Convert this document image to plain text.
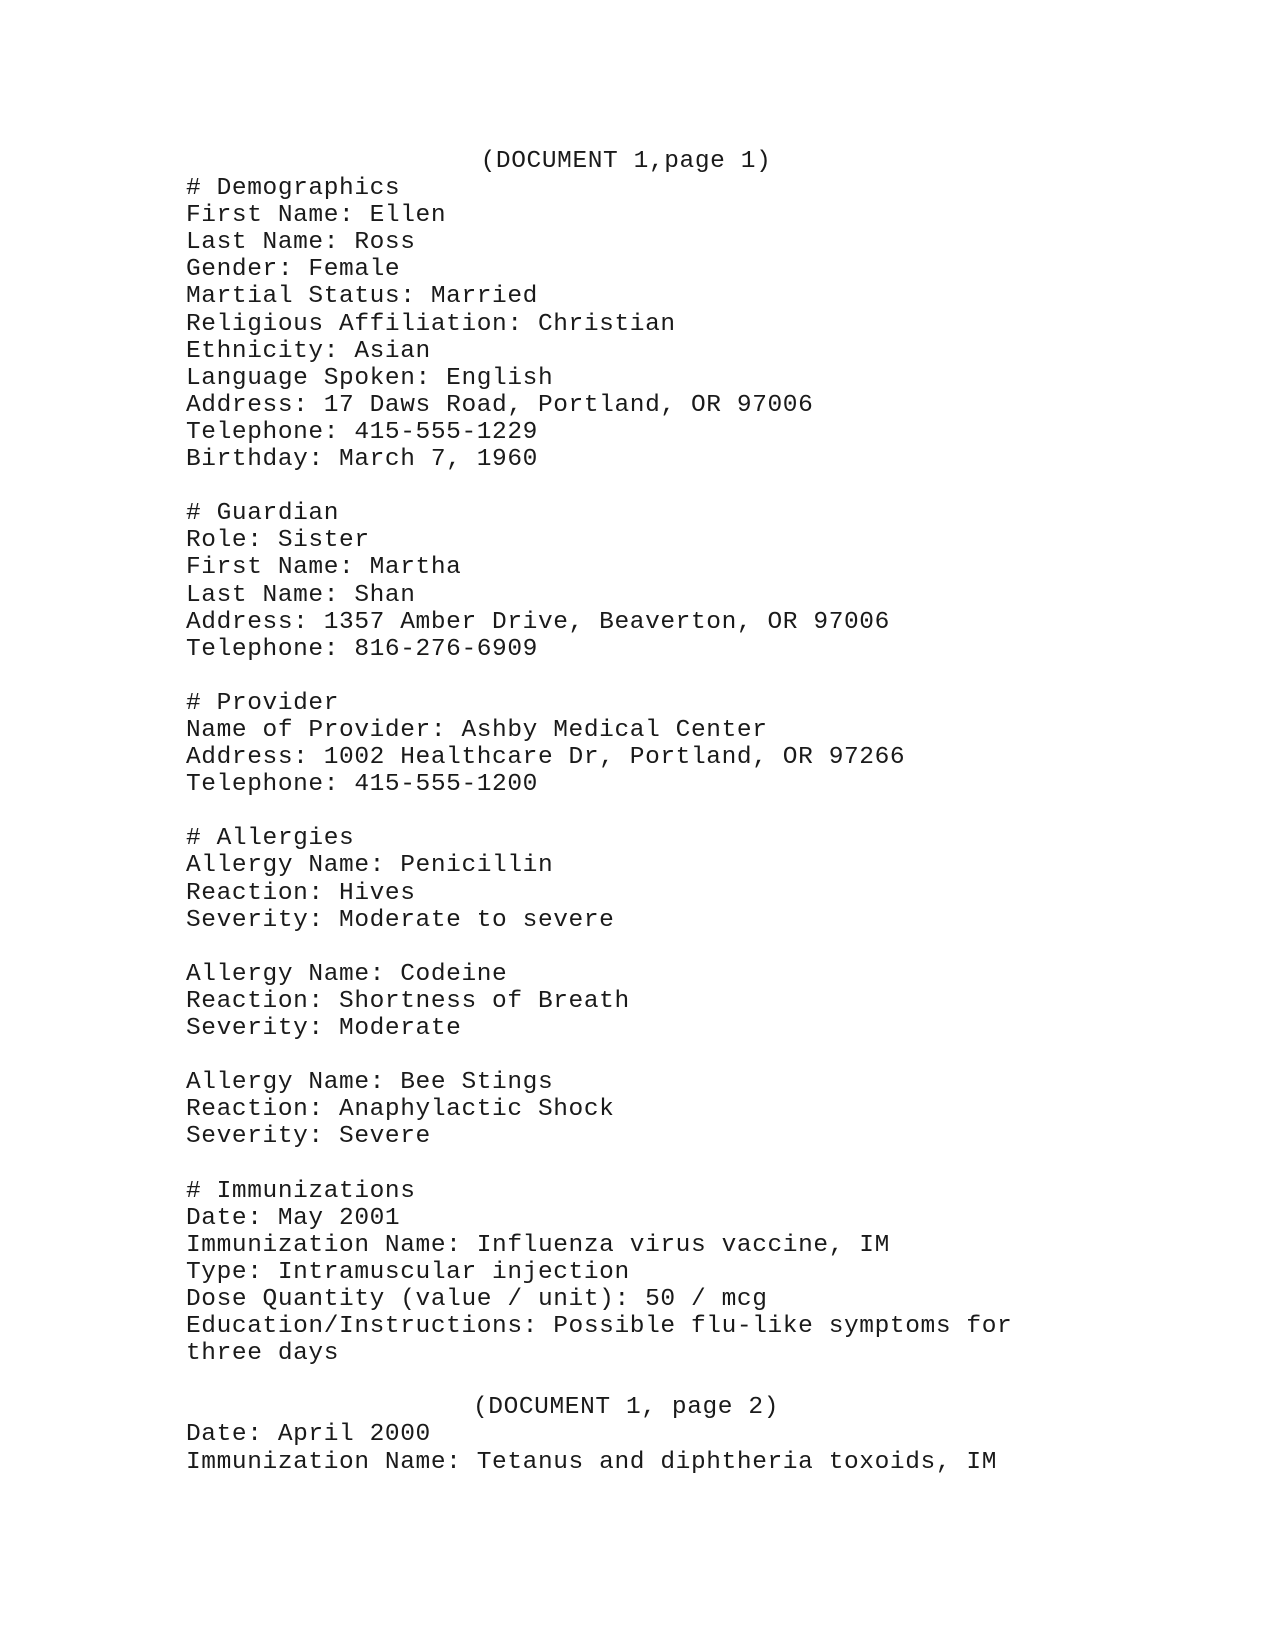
(DOCUMENT 1,page 1)
# Demographics
First Name: Ellen
Last Name: Ross
Gender: Female
Martial Status: Married
Religious Affiliation: Christian
Ethnicity: Asian
Language Spoken: English
Address: 17 Daws Road, Portland, OR 97006
Telephone: 415-555-1229
Birthday: March 7, 1960
# Guardian
Role: Sister
First Name: Martha
Last Name: Shan
Address: 1357 Amber Drive, Beaverton, OR 97006
Telephone: 816-276-6909
# Provider
Name of Provider: Ashby Medical Center
Address: 1002 Healthcare Dr, Portland, OR 97266
Telephone: 415-555-1200
# Allergies
Allergy Name: Penicillin
Reaction: Hives
Severity: Moderate to severe
Allergy Name: Codeine
Reaction: Shortness of Breath
Severity: Moderate
Allergy Name: Bee Stings
Reaction: Anaphylactic Shock
Severity: Severe
# Immunizations
Date: May 2001
Immunization Name: Influenza virus vaccine, IM
Type: Intramuscular injection
Dose Quantity (value / unit): 50 / mcg
Education/Instructions: Possible flu-like symptoms for
three days
(DOCUMENT 1, page 2)
Date: April 2000
Immunization Name: Tetanus and diphtheria toxoids, IM
